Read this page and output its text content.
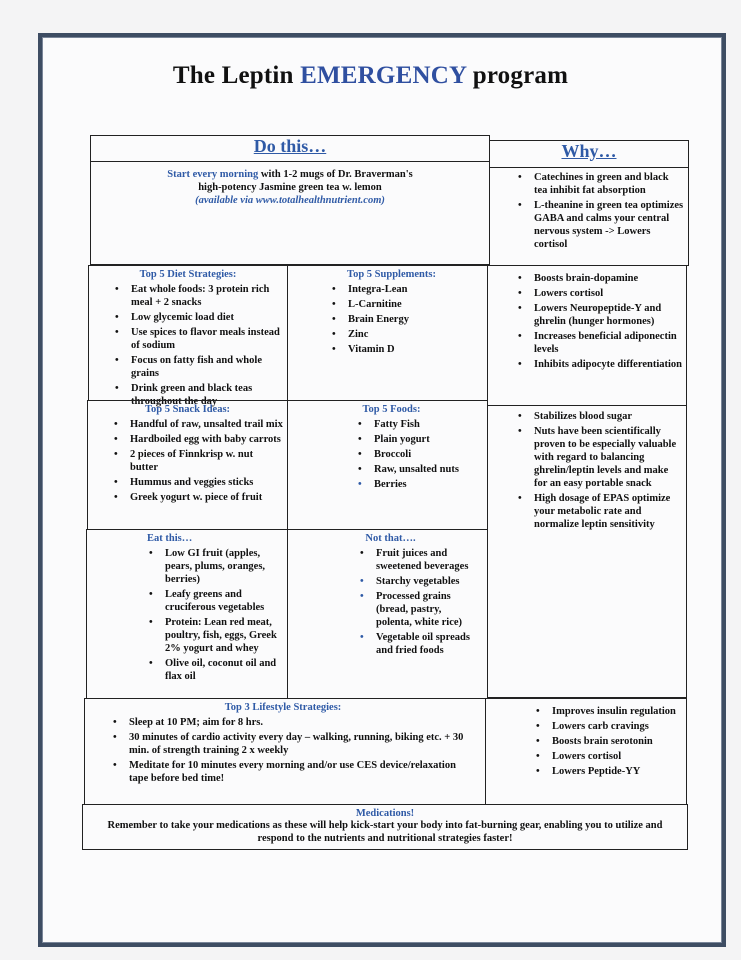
The Leptin EMERGENCY program
Do this…	Why…
Start every morning with 1-2 mugs of Dr. Braverman's
high-potency Jasmine green tea w. lemon
(available via www.totalhealthnutrient.com)
• Catechines in green and black tea inhibit fat absorption
• L-theanine in green tea optimizes GABA and calms your central nervous system -> Lowers cortisol
Top 5 Diet Strategies:
• Eat whole foods: 3 protein rich meal + 2 snacks
• Low glycemic load diet
• Use spices to flavor meals instead of sodium
• Focus on fatty fish and whole grains
• Drink green and black teas throughout the day
Top 5 Supplements:
• Integra-Lean
• L-Carnitine
• Brain Energy
• Zinc
• Vitamin D
• Boosts brain-dopamine
• Lowers cortisol
• Lowers Neuropeptide-Y and ghrelin (hunger hormones)
• Increases beneficial adiponectin levels
• Inhibits adipocyte differentiation
Top 5 Snack Ideas:
• Handful of raw, unsalted trail mix
• Hardboiled egg with baby carrots
• 2 pieces of Finnkrisp w. nut butter
• Hummus and veggies sticks
• Greek yogurt w. piece of fruit
Top 5 Foods:
• Fatty Fish
• Plain yogurt
• Broccoli
• Raw, unsalted nuts
• Berries
• Stabilizes blood sugar
• Nuts have been scientifically proven to be especially valuable with regard to balancing ghrelin/leptin levels and make for an easy portable snack
• High dosage of EPAS optimize your metabolic rate and normalize leptin sensitivity
Eat this…
• Low GI fruit (apples, pears, plums, oranges, berries)
• Leafy greens and cruciferous vegetables
• Protein: Lean red meat, poultry, fish, eggs, Greek 2% yogurt and whey
• Olive oil, coconut oil and flax oil
Not that….
• Fruit juices and sweetened beverages
• Starchy vegetables
• Processed grains (bread, pastry, polenta, white rice)
• Vegetable oil spreads and fried foods
Top 3 Lifestyle Strategies:
• Sleep at 10 PM; aim for 8 hrs.
• 30 minutes of cardio activity every day – walking, running, biking etc. + 30 min. of strength training 2 x weekly
• Meditate for 10 minutes every morning and/or use CES device/relaxation tape before bed time!
• Improves insulin regulation
• Lowers carb cravings
• Boosts brain serotonin
• Lowers cortisol
• Lowers Peptide-YY
Medications!
Remember to take your medications as these will help kick-start your body into fat-burning gear, enabling you to utilize and respond to the nutrients and nutritional strategies faster!
